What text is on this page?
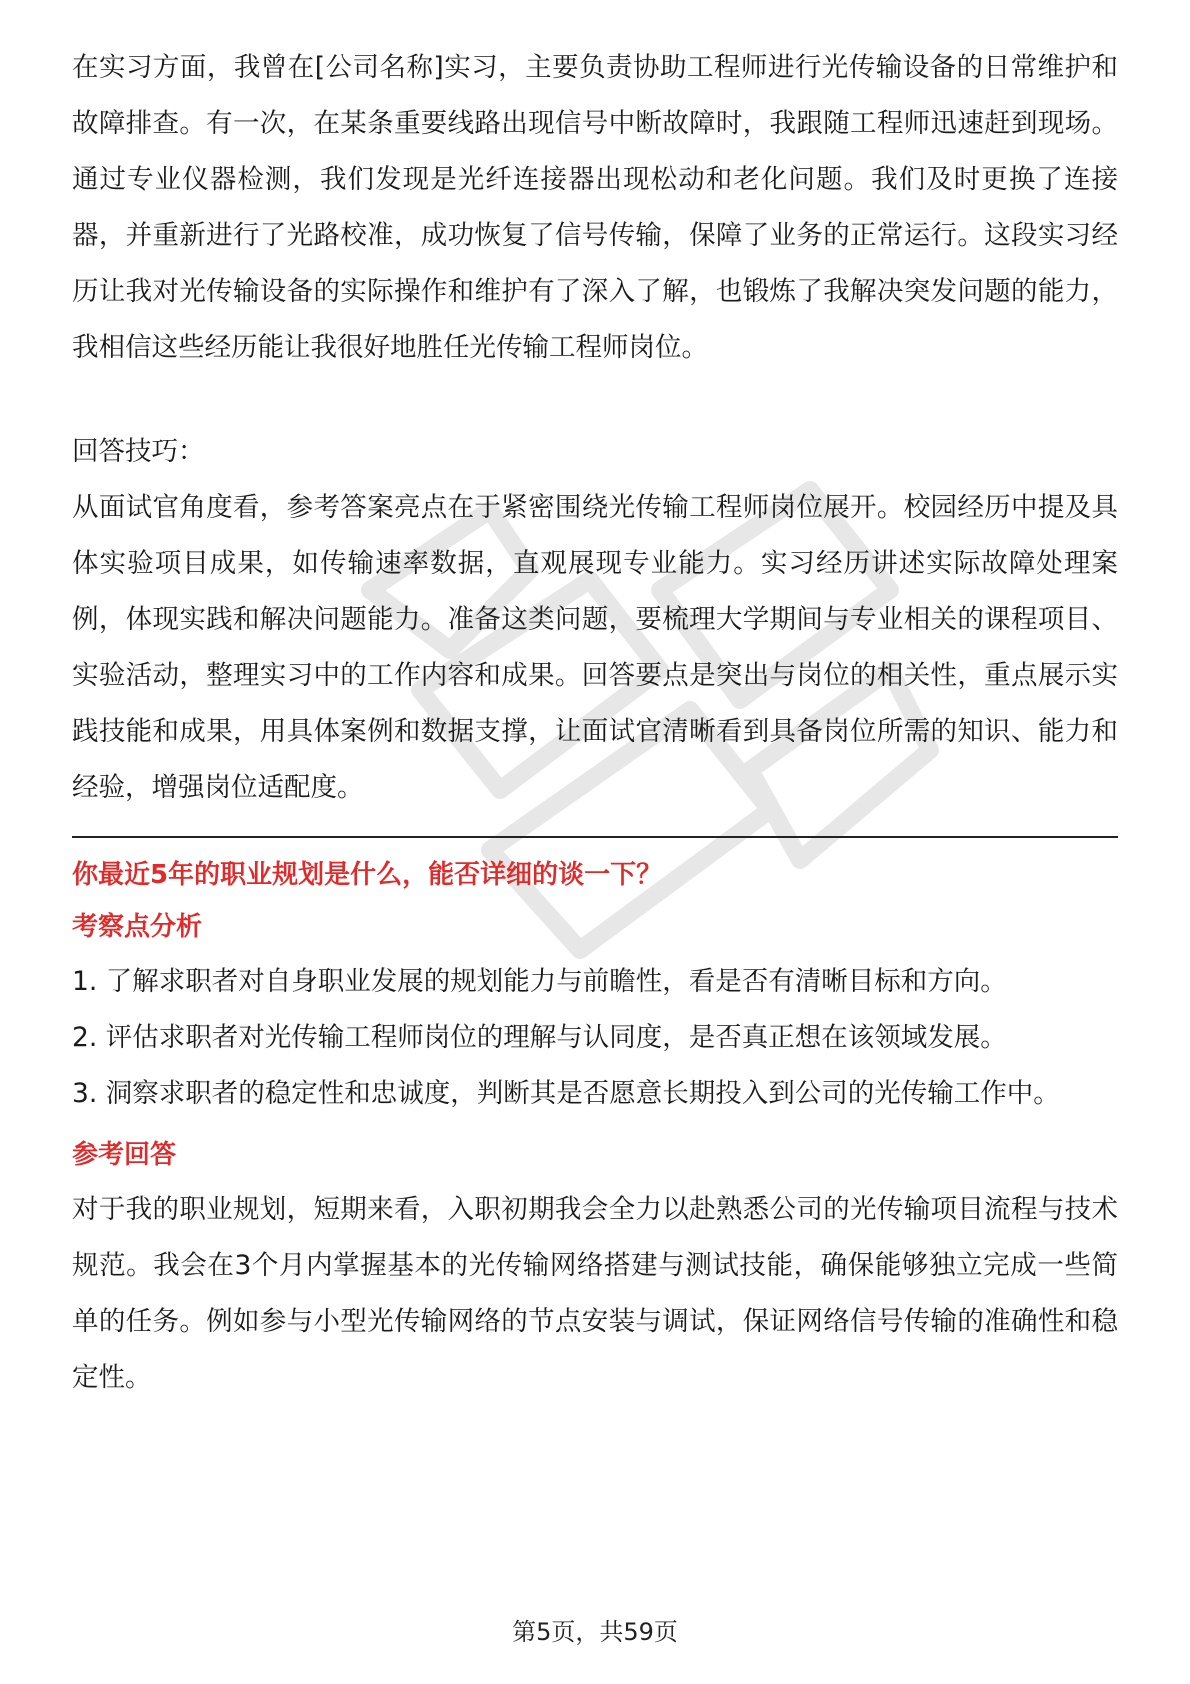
在实习方面，我曾在[公司名称]实习，主要负责协助工程师进行光传输设备的日常维护和故障排查。有一次，在某条重要线路出现信号中断故障时，我跟随工程师迅速赶到现场。通过专业仪器检测，我们发现是光纤连接器出现松动和老化问题。我们及时更换了连接器，并重新进行了光路校准，成功恢复了信号传输，保障了业务的正常运行。这段实习经历让我对光传输设备的实际操作和维护有了深入了解，也锻炼了我解决突发问题的能力，我相信这些经历能让我很好地胜任光传输工程师岗位。

回答技巧：

从面试官角度看，参考答案亮点在于紧密围绕光传输工程师岗位展开。校园经历中提及具体实验项目成果，如传输速率数据，直观展现专业能力。实习经历讲述实际故障处理案例，体现实践和解决问题能力。准备这类问题，要梳理大学期间与专业相关的课程项目、实验活动，整理实习中的工作内容和成果。回答要点是突出与岗位的相关性，重点展示实践技能和成果，用具体案例和数据支撑，让面试官清晰看到具备岗位所需的知识、能力和经验，增强岗位适配度。

你最近5年的职业规划是什么，能否详细的谈一下？

考察点分析

1. 了解求职者对自身职业发展的规划能力与前瞻性，看是否有清晰目标和方向。

2. 评估求职者对光传输工程师岗位的理解与认同度，是否真正想在该领域发展。

3. 洞察求职者的稳定性和忠诚度，判断其是否愿意长期投入到公司的光传输工作中。

参考回答

对于我的职业规划，短期来看，入职初期我会全力以赴熟悉公司的光传输项目流程与技术规范。我会在3个月内掌握基本的光传输网络搭建与测试技能，确保能够独立完成一些简单的任务。例如参与小型光传输网络的节点安装与调试，保证网络信号传输的准确性和稳定性。

第5页，共59页
